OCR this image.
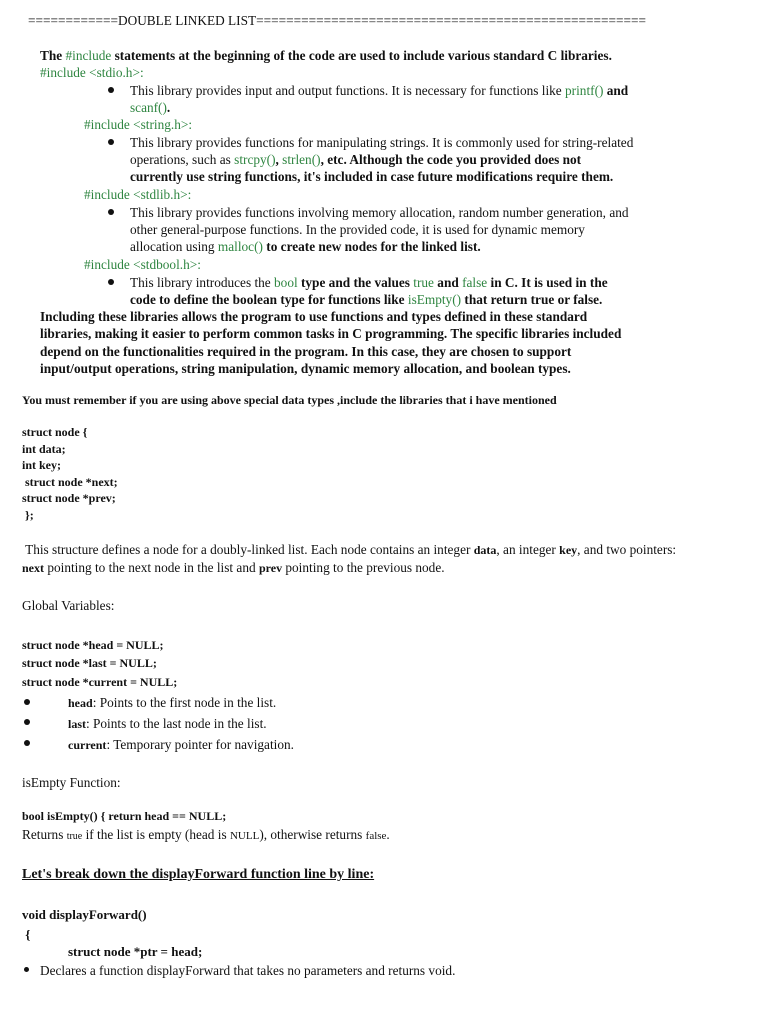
============DOUBLE LINKED LIST====================================================
The #include statements at the beginning of the code are used to include various standard C libraries.
#include <stdio.h>:
This library provides input and output functions. It is necessary for functions like printf() and
scanf().
#include <string.h>:
This library provides functions for manipulating strings. It is commonly used for string-related
operations, such as strcpy(), strlen(), etc. Although the code you provided does not
currently use string functions, it's included in case future modifications require them.
#include <stdlib.h>:
This library provides functions involving memory allocation, random number generation, and
other general-purpose functions. In the provided code, it is used for dynamic memory
allocation using malloc() to create new nodes for the linked list.
#include <stdbool.h>:
This library introduces the bool type and the values true and false in C. It is used in the
code to define the boolean type for functions like isEmpty() that return true or false.
Including these libraries allows the program to use functions and types defined in these standard
libraries, making it easier to perform common tasks in C programming. The specific libraries included
depend on the functionalities required in the program. In this case, they are chosen to support
input/output operations, string manipulation, dynamic memory allocation, and boolean types.
You must remember if you are using above special data types ,include the libraries that i have mentioned
struct node {
int data;
int key;
struct node *next;
struct node *prev;
};
This structure defines a node for a doubly-linked list. Each node contains an integer data, an integer key, and two pointers:
next pointing to the next node in the list and prev pointing to the previous node.
Global Variables:
struct node *head = NULL;
struct node *last = NULL;
struct node *current = NULL;
head: Points to the first node in the list.
last: Points to the last node in the list.
current: Temporary pointer for navigation.
isEmpty Function:
bool isEmpty() { return head == NULL;
Returns true if the list is empty (head is NULL), otherwise returns false.
Let's break down the displayForward function line by line:
void displayForward()
{
struct node *ptr = head;
Declares a function displayForward that takes no parameters and returns void.
